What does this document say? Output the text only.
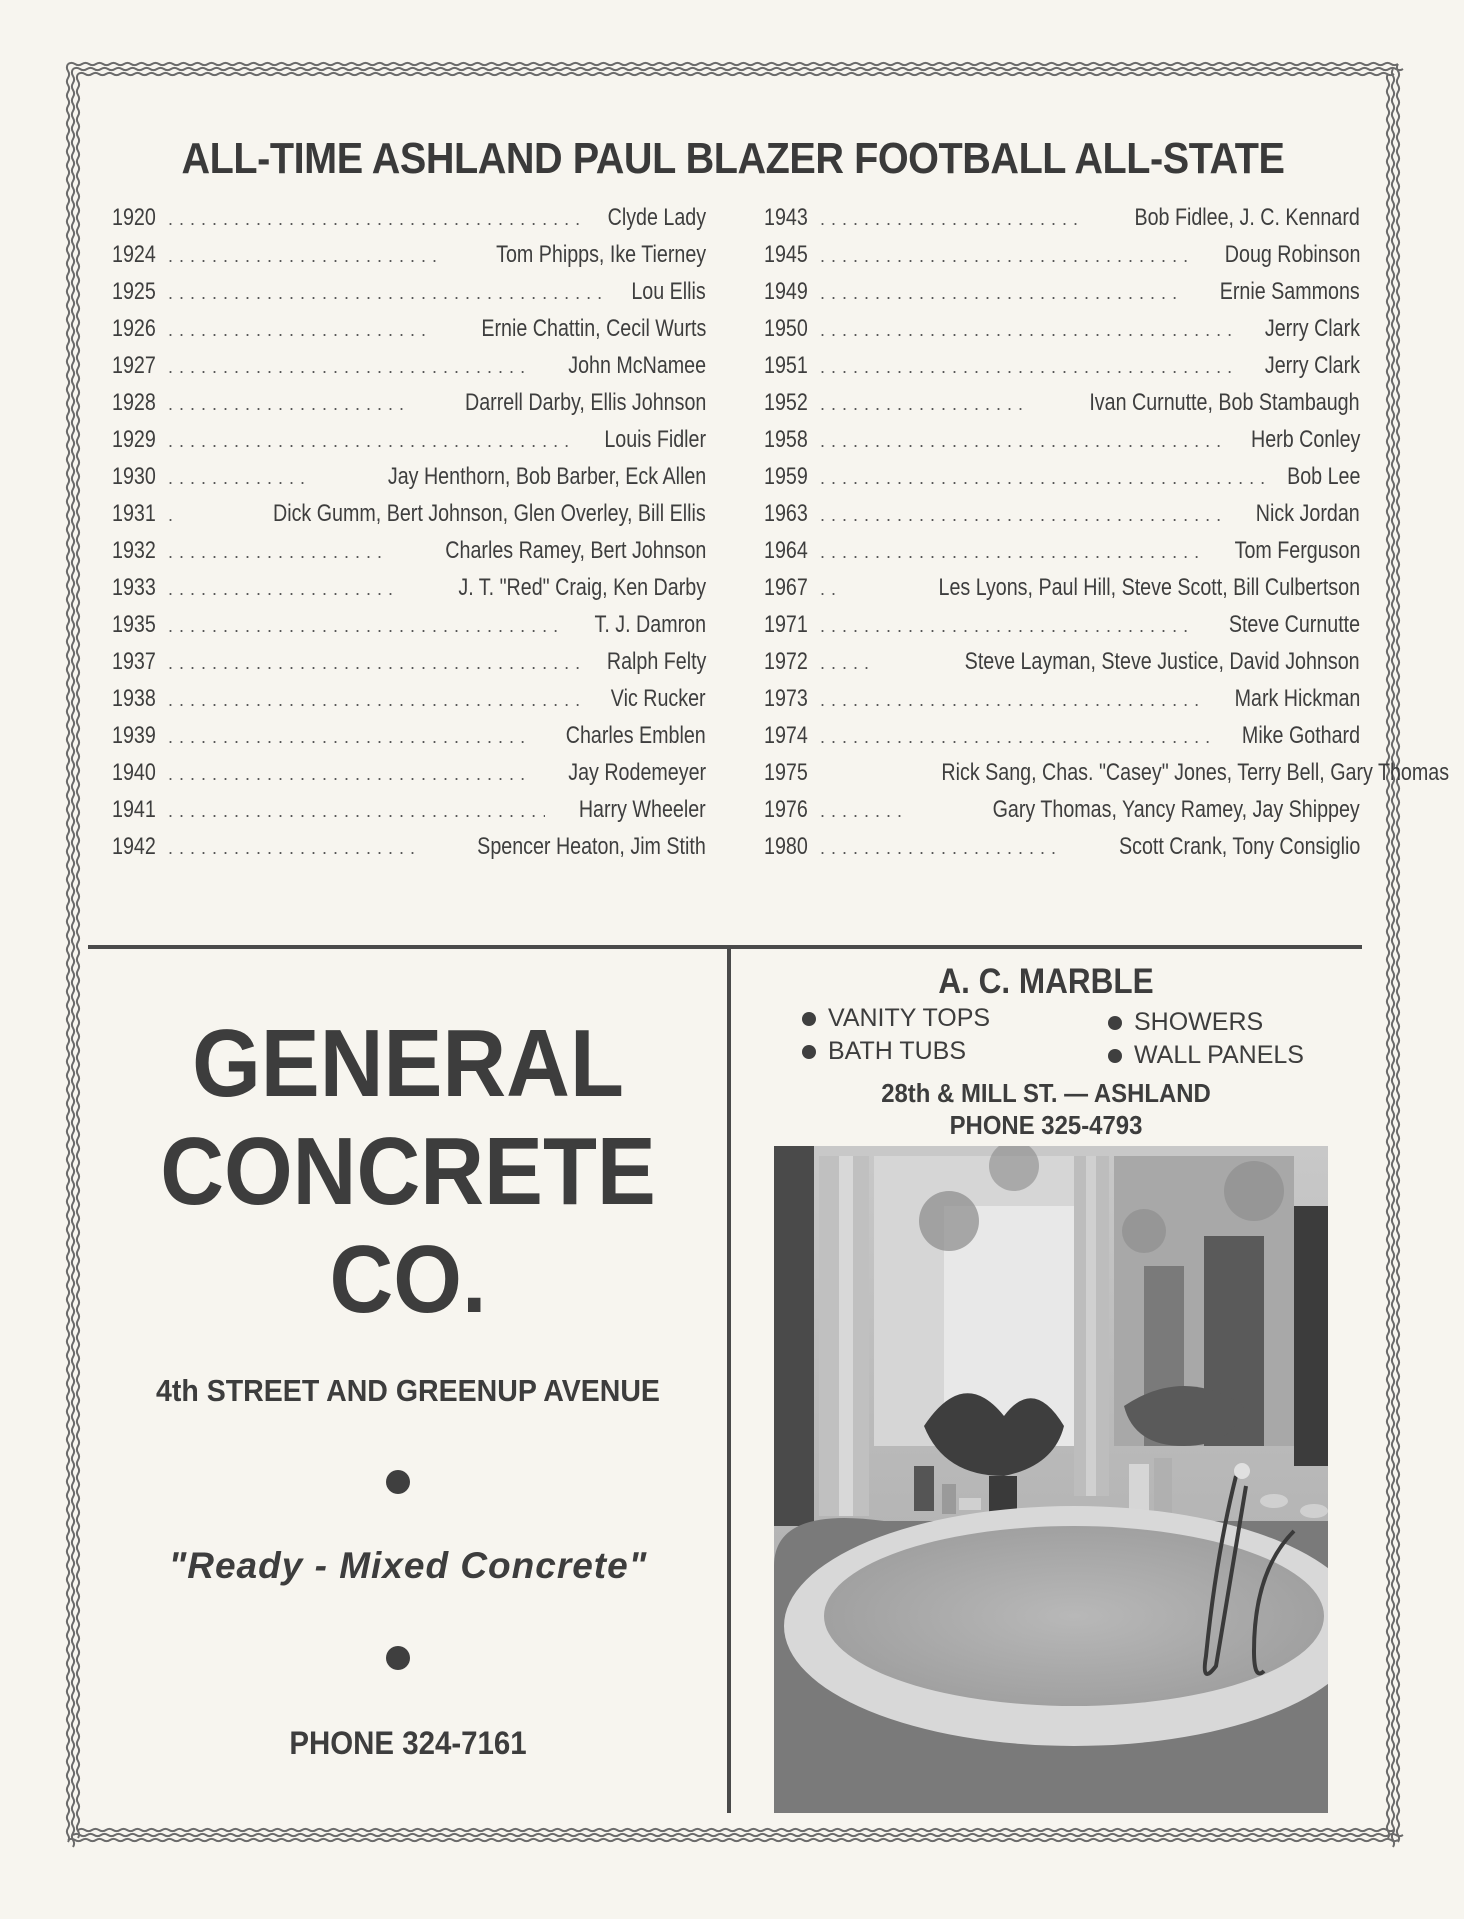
ALL-TIME ASHLAND PAUL BLAZER FOOTBALL ALL-STATE
1920 . . .	Clyde Lady
1924 . . .	Tom Phipps, Ike Tierney
1925 . . .	Lou Ellis
1926 . . .	Ernie Chattin, Cecil Wurts
1927 . . .	John McNamee
1928 . . .	Darrell Darby, Ellis Johnson
1929 . . .	Louis Fidler
1930 . . .	Jay Henthorn, Bob Barber, Eck Allen
1931 . . .	Dick Gumm, Bert Johnson, Glen Overley, Bill Ellis
1932 . . .	Charles Ramey, Bert Johnson
1933 . . .	J. T. "Red" Craig, Ken Darby
1935 . . .	T. J. Damron
1937 . . .	Ralph Felty
1938 . . .	Vic Rucker
1939 . . .	Charles Emblen
1940 . . .	Jay Rodemeyer
1941 . . .	Harry Wheeler
1942 . . .	Spencer Heaton, Jim Stith
1943 . . .	Bob Fidlee, J. C. Kennard
1945 . . .	Doug Robinson
1949 . . .	Ernie Sammons
1950 . . .	Jerry Clark
1951 . . .	Jerry Clark
1952 . . .	Ivan Curnutte, Bob Stambaugh
1958 . . .	Herb Conley
1959 . . .	Bob Lee
1963 . . .	Nick Jordan
1964 . . .	Tom Ferguson
1967 . . .	Les Lyons, Paul Hill, Steve Scott, Bill Culbertson
1971 . . .	Steve Curnutte
1972 . . .	Steve Layman, Steve Justice, David Johnson
1973 . . .	Mark Hickman
1974 . . .	Mike Gothard
1975	Rick Sang, Chas. "Casey" Jones, Terry Bell, Gary Thomas
1976 . . .	Gary Thomas, Yancy Ramey, Jay Shippey
1980 . . .	Scott Crank, Tony Consiglio
GENERAL
CONCRETE
CO.
4th STREET AND GREENUP AVENUE
"Ready - Mixed Concrete"
PHONE 324-7161
A. C. MARBLE
VANITY TOPS	SHOWERS
BATH TUBS	WALL PANELS
28th & MILL ST. — ASHLAND
PHONE 325-4793
